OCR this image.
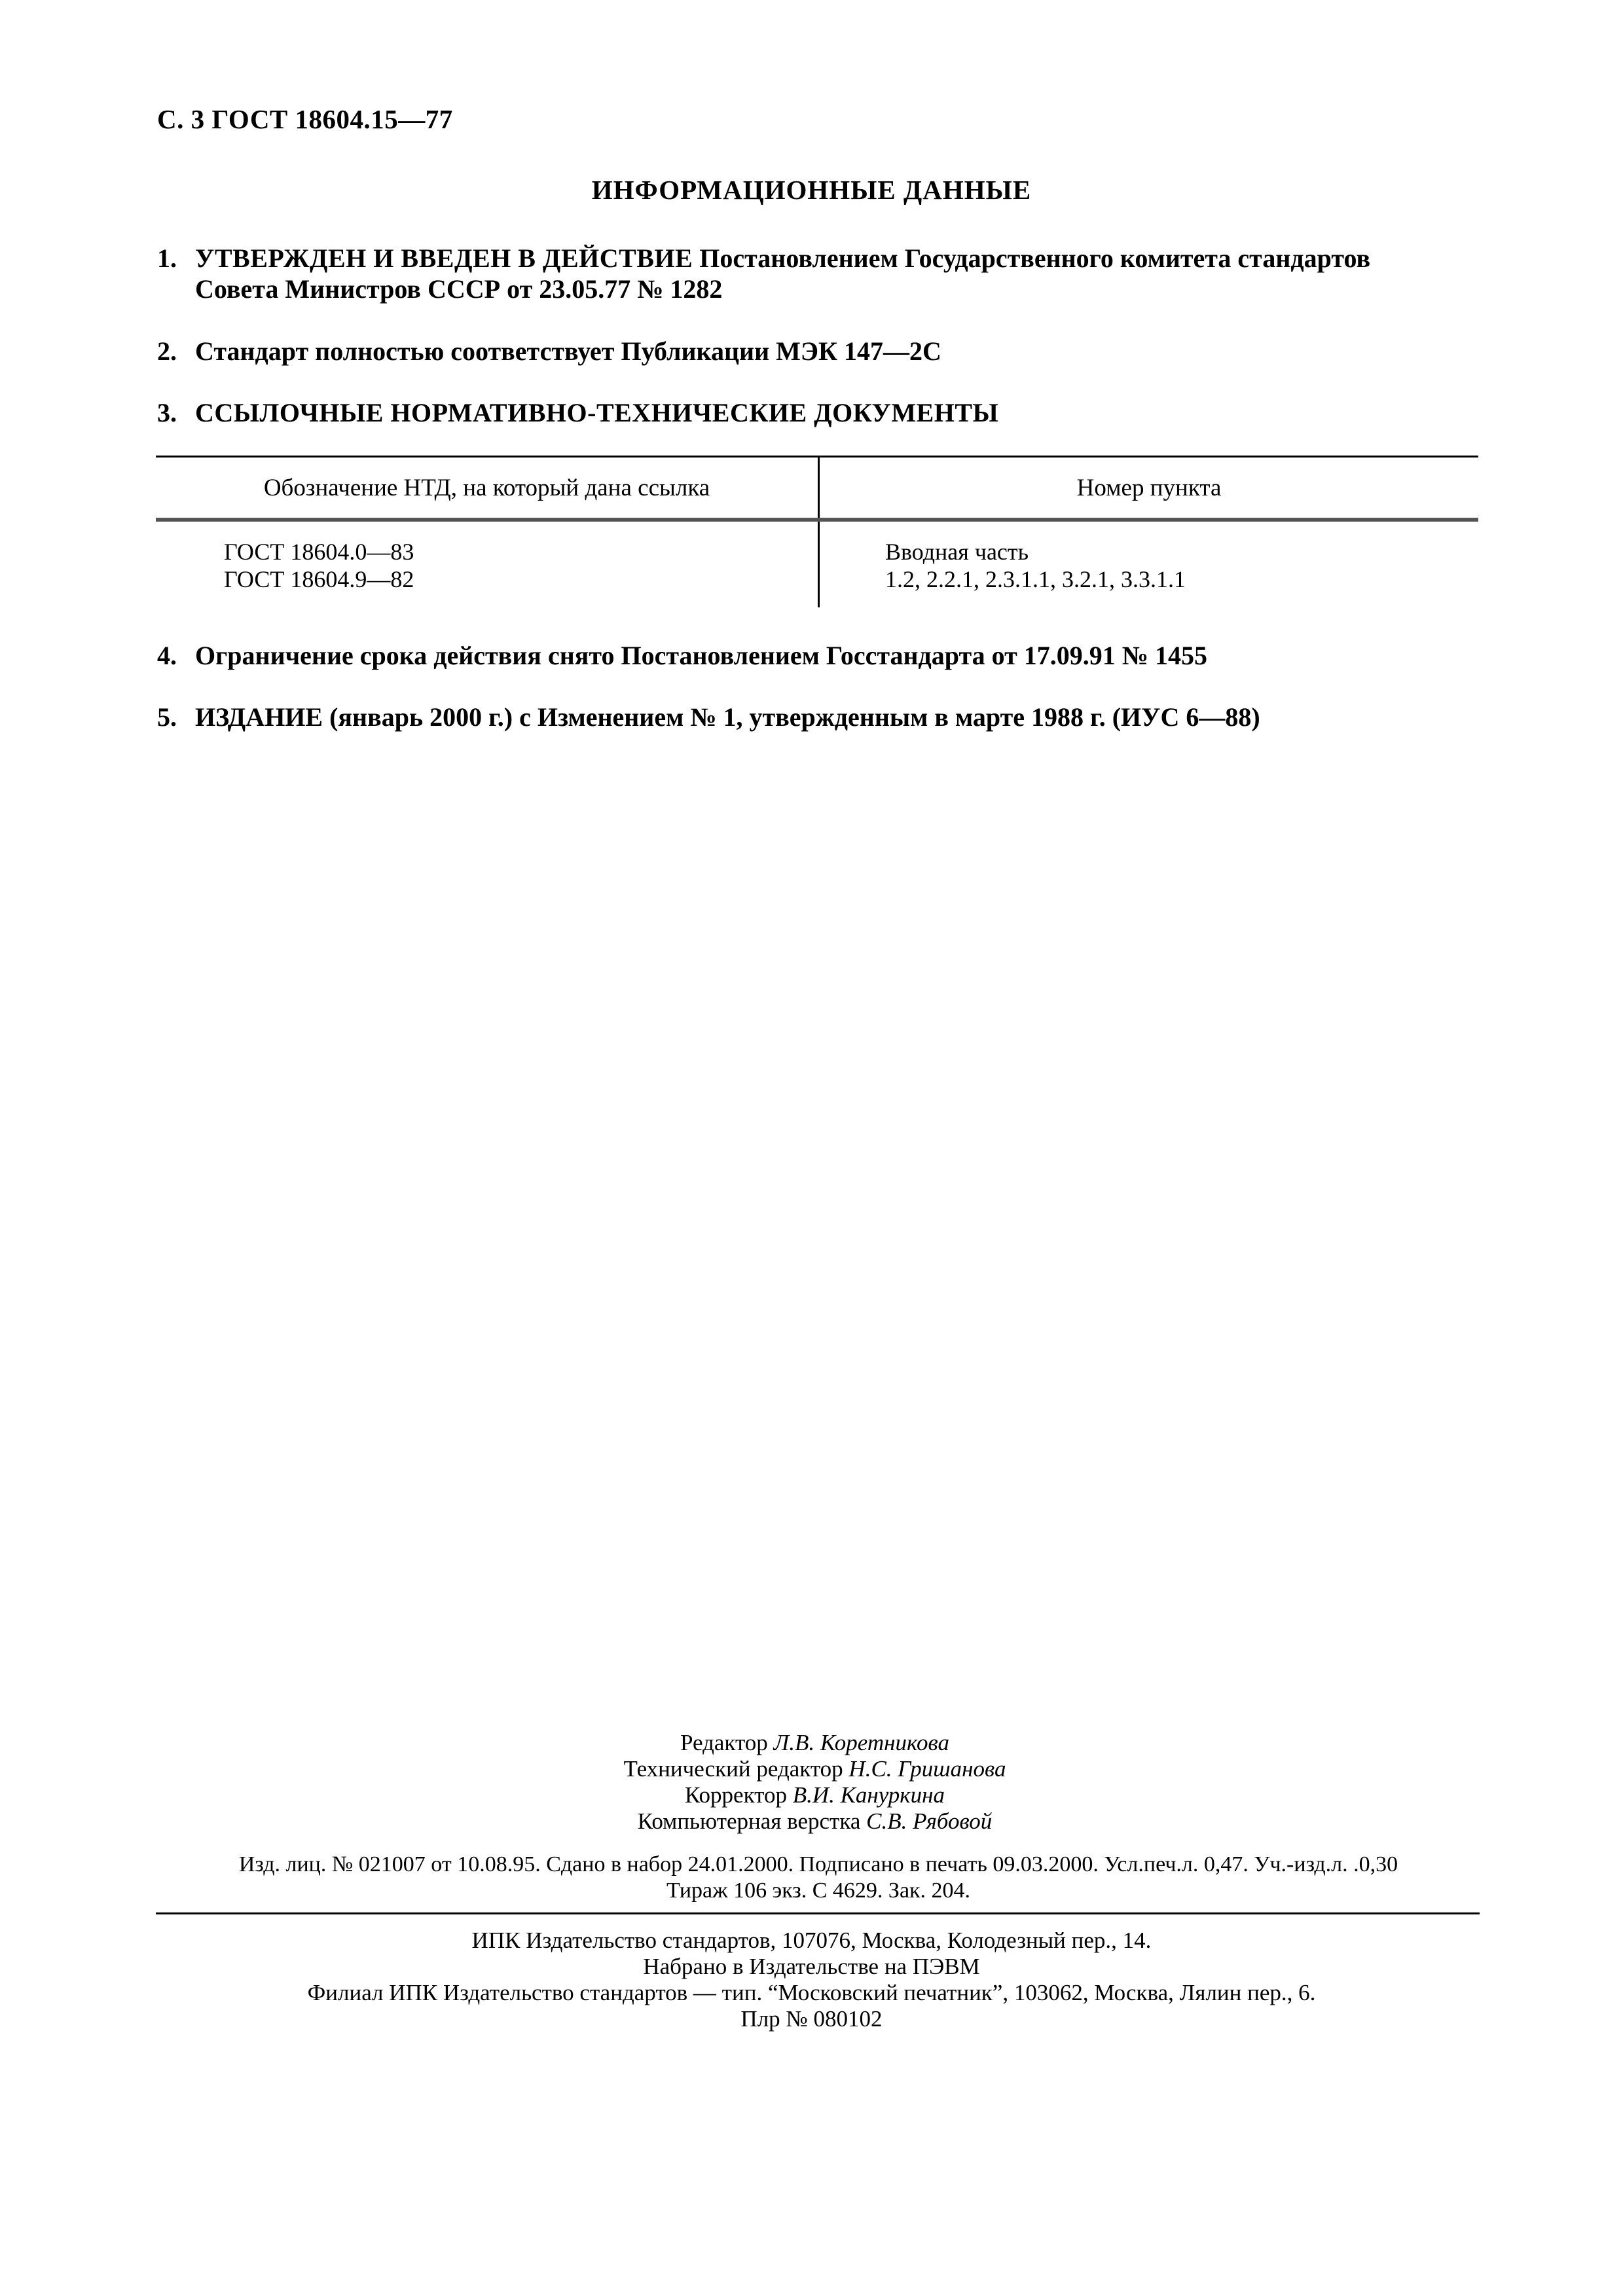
С. 3 ГОСТ 18604.15—77
ИНФОРМАЦИОННЫЕ ДАННЫЕ
1. УТВЕРЖДЕН И ВВЕДЕН В ДЕЙСТВИЕ Постановлением Государственного комитета стандартов
Совета Министров СССР от 23.05.77 № 1282
2. Стандарт полностью соответствует Публикации МЭК 147—2С
3. ССЫЛОЧНЫЕ НОРМАТИВНО-ТЕХНИЧЕСКИЕ ДОКУМЕНТЫ
Обозначение НТД, на который дана ссылка	Номер пункта
ГОСТ 18604.0—83
ГОСТ 18604.9—82
Вводная часть
1.2, 2.2.1, 2.3.1.1, 3.2.1, 3.3.1.1
4. Ограничение срока действия снято Постановлением Госстандарта от 17.09.91 № 1455
5. ИЗДАНИЕ (январь 2000 г.) с Изменением № 1, утвержденным в марте 1988 г. (ИУС 6—88)
Редактор Л.В. Коретникова
Технический редактор Н.С. Гришанова
Корректор В.И. Кануркина
Компьютерная верстка С.В. Рябовой
Изд. лиц. № 021007 от 10.08.95. Сдано в набор 24.01.2000. Подписано в печать 09.03.2000. Усл.печ.л. 0,47. Уч.-изд.л. .0,30
Тираж 106 экз. С 4629. Зак. 204.
ИПК Издательство стандартов, 107076, Москва, Колодезный пер., 14.
Набрано в Издательстве на ПЭВМ
Филиал ИПК Издательство стандартов — тип. “Московский печатник”, 103062, Москва, Лялин пер., 6.
Плр № 080102
